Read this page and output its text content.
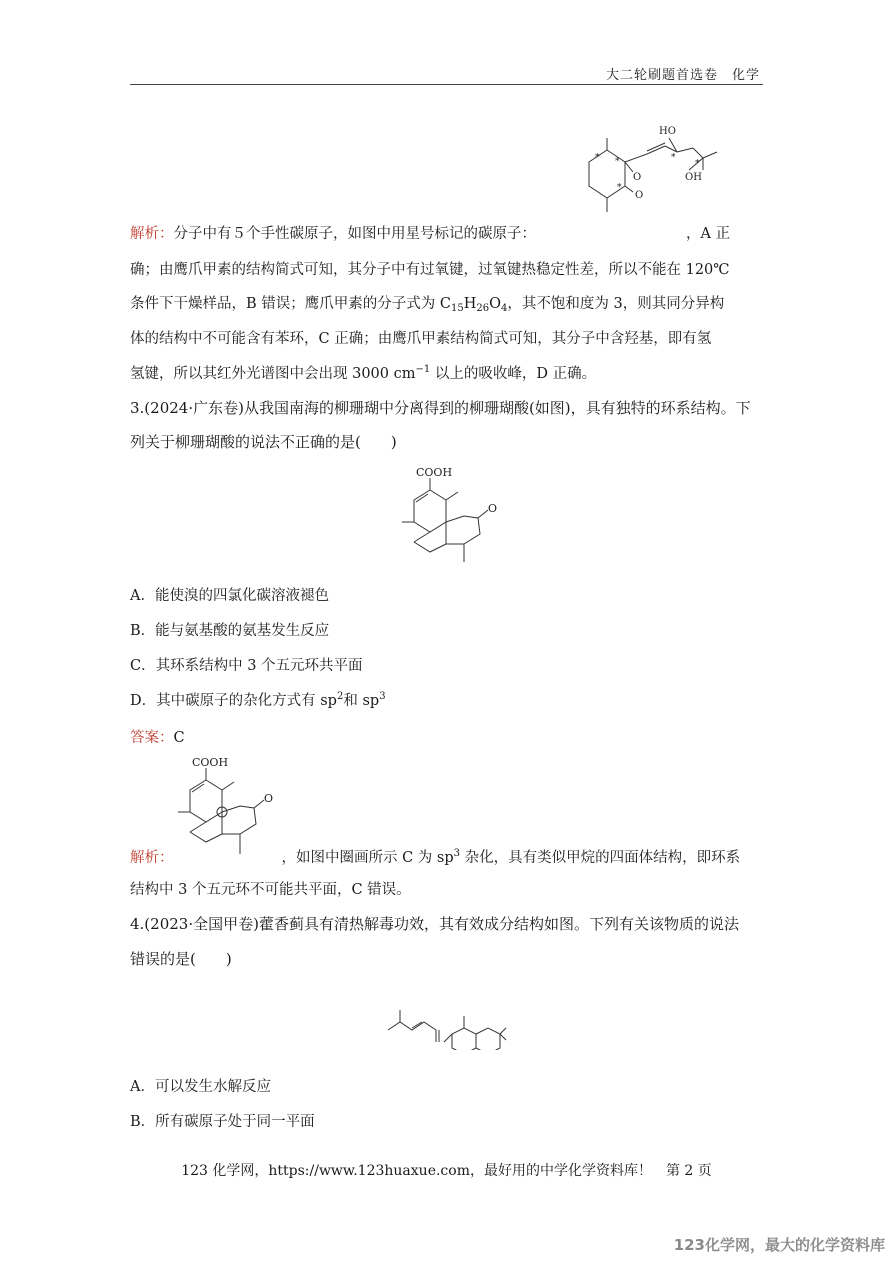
大二轮刷题首选卷　化学
HO
OH
O
O
*
*
*	*
*
解析：分子中有５个手性碳原子，如图中用星号标记的碳原子：	，A 正
确；由鹰爪甲素的结构简式可知，其分子中有过氧键，过氧键热稳定性差，所以不能在 120℃
条件下干燥样品，B 错误；鹰爪甲素的分子式为 $C_{15}H_{26}O_4$，其不饱和度为 3，则其同分异构
体的结构中不可能含有苯环，C 正确；由鹰爪甲素结构简式可知，其分子中含羟基，即有氢
氢键，所以其红外光谱图中会出现 3000 $cm^{-1}$ 以上的吸收峰，D 正确。
3.(2024·广东卷)从我国南海的柳珊瑚中分离得到的柳珊瑚酸(如图)，具有独特的环系结构。下
列关于柳珊瑚酸的说法不正确的是(　　)
COOH
O
A．能使溴的四氯化碳溶液褪色
B．能与氨基酸的氨基发生反应
C．其环系结构中 3 个五元环共平面
D．其中碳原子的杂化方式有 $sp^2$和 $sp^3$
答案：C
COOH
O
解析：	，如图中圈画所示 C 为 $sp^3$ 杂化，具有类似甲烷的四面体结构，即环系
结构中 3 个五元环不可能共平面，C 错误。
4.(2023·全国甲卷)藿香蓟具有清热解毒功效，其有效成分结构如图。下列有关该物质的说法
错误的是(　　)
A．可以发生水解反应
B．所有碳原子处于同一平面
123 化学网，https://www.123huaxue.com，最好用的中学化学资料库！　第 2 页
123化学网，最大的化学资料库
